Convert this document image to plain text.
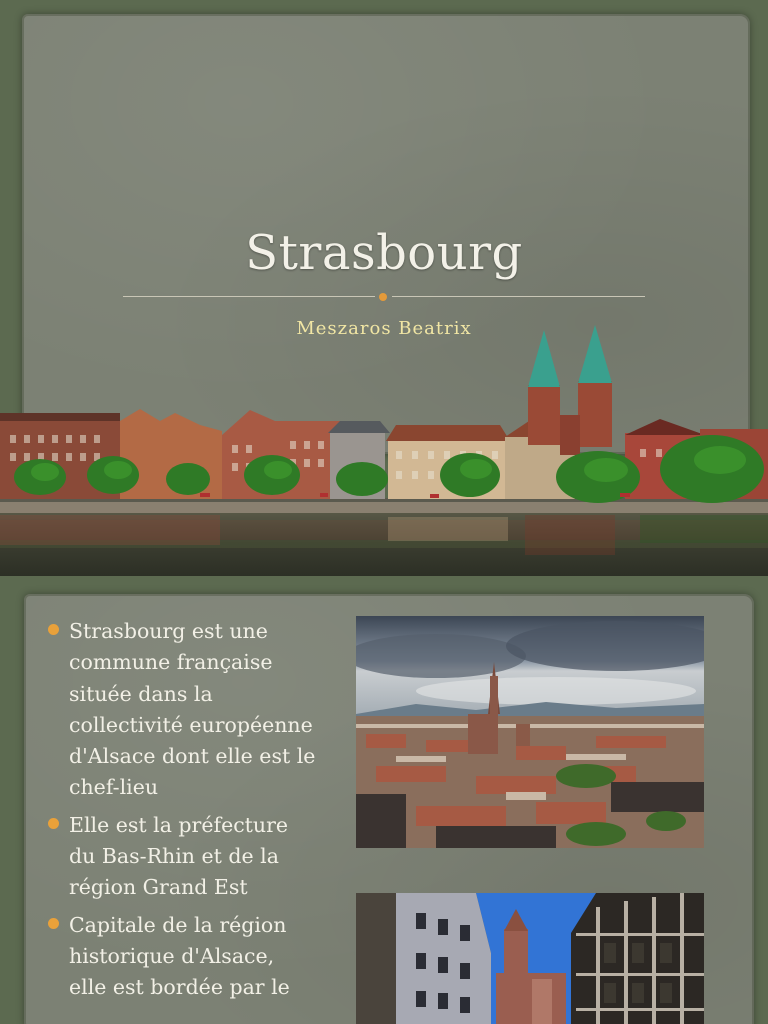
Strasbourg
Meszaros Beatrix
Strasbourg est une commune française située dans la collectivité européenne d'Alsace dont elle est le chef-lieu
Elle est la préfecture du Bas-Rhin et de la région Grand Est
Capitale de la région historique d'Alsace, elle est bordée par le
